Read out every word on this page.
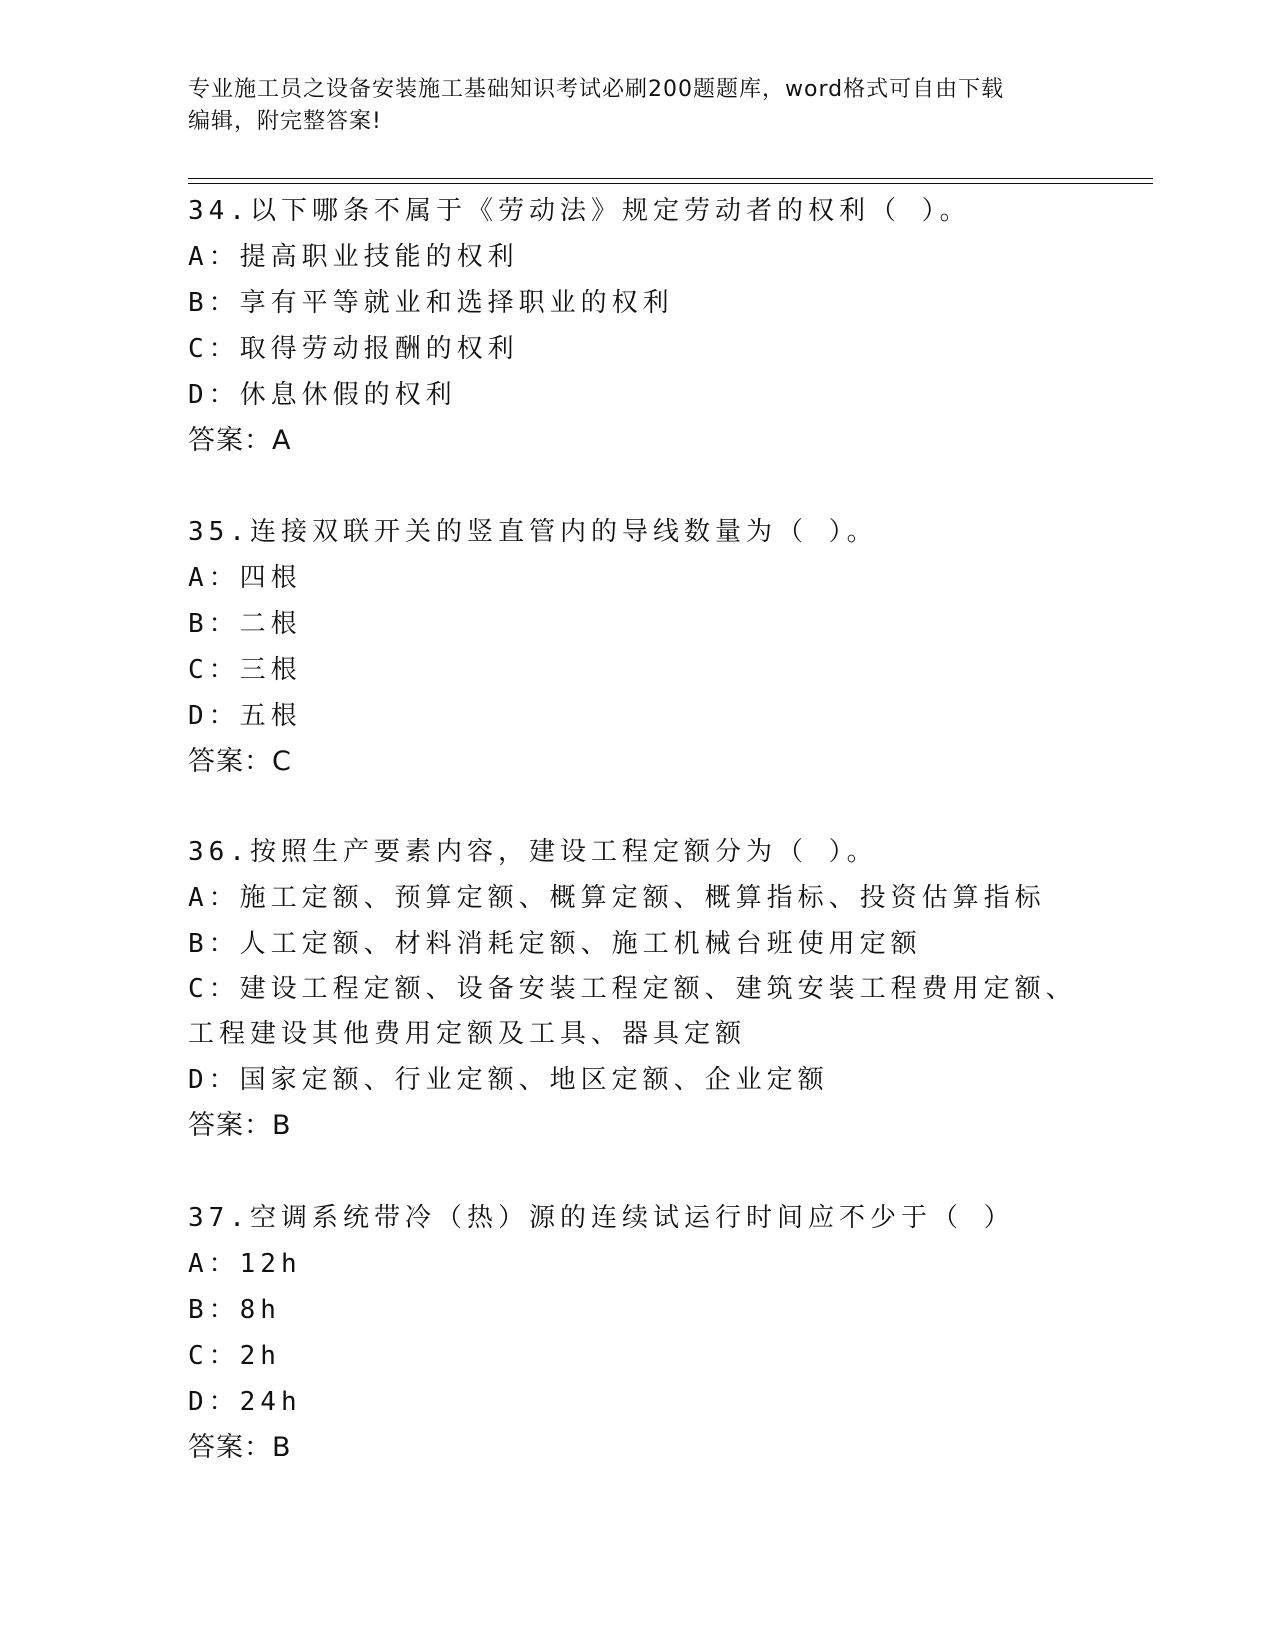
专业施工员之设备安装施工基础知识考试必刷200题题库，word格式可自由下载
编辑，附完整答案!
34.以下哪条不属于《劳动法》规定劳动者的权利（ ）。
A：提高职业技能的权利
B：享有平等就业和选择职业的权利
C：取得劳动报酬的权利
D：休息休假的权利
答案：A
35.连接双联开关的竖直管内的导线数量为（ ）。
A：四根
B：二根
C：三根
D：五根
答案：C
36.按照生产要素内容，建设工程定额分为（ ）。
A：施工定额、预算定额、概算定额、概算指标、投资估算指标
B：人工定额、材料消耗定额、施工机械台班使用定额
C：建设工程定额、设备安装工程定额、建筑安装工程费用定额、工程建设其他费用定额及工具、器具定额
D：国家定额、行业定额、地区定额、企业定额
答案：B
37.空调系统带冷（热）源的连续试运行时间应不少于（ ）
A：12h
B：8h
C：2h
D：24h
答案：B
